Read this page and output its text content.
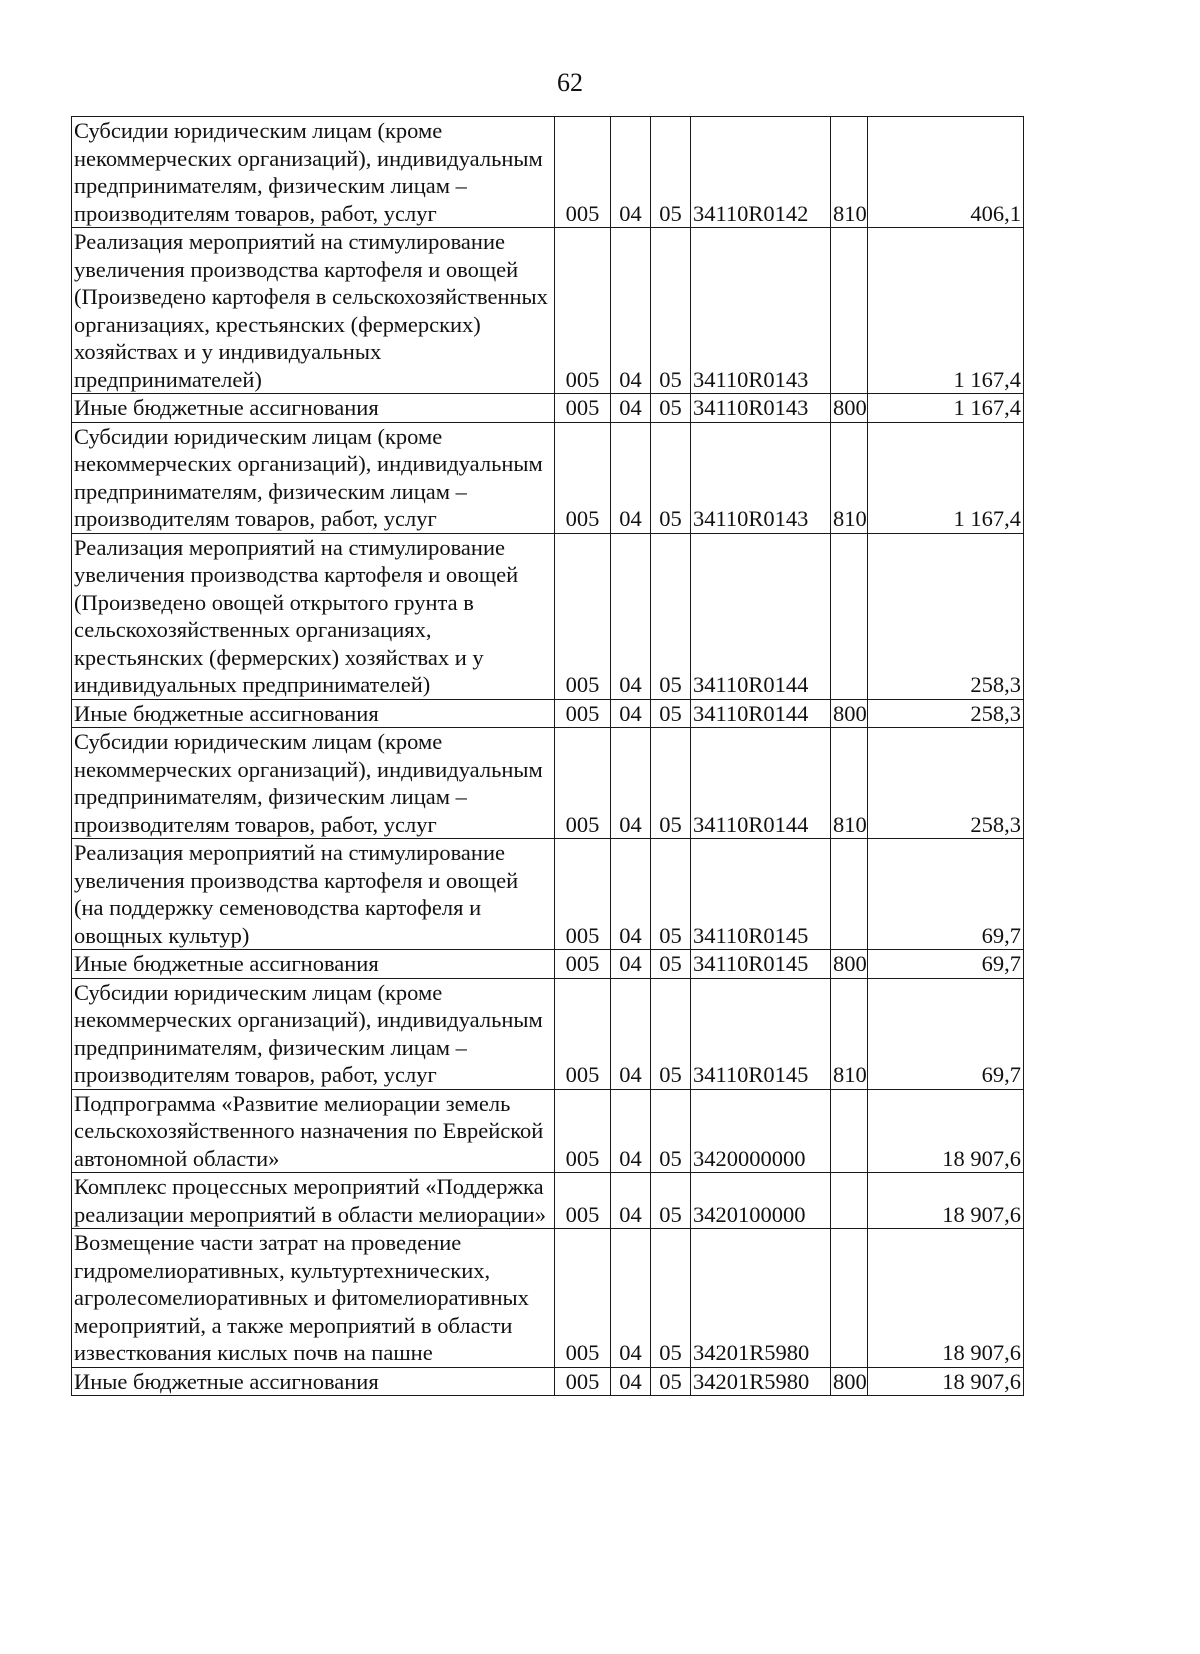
62
Субсидии юридическим лицам (кроме некоммерческих организаций), индивидуальным предпринимателям, физическим лицам – производителям товаров, работ, услуг	005	04	05	34110R0142	810	406,1
Реализация мероприятий на стимулирование увеличения производства картофеля и овощей (Произведено картофеля в сельскохозяйственных организациях, крестьянских (фермерских) хозяйствах и у индивидуальных предпринимателей)	005	04	05	34110R0143		1 167,4
Иные бюджетные ассигнования	005	04	05	34110R0143	800	1 167,4
Субсидии юридическим лицам (кроме некоммерческих организаций), индивидуальным предпринимателям, физическим лицам – производителям товаров, работ, услуг	005	04	05	34110R0143	810	1 167,4
Реализация мероприятий на стимулирование увеличения производства картофеля и овощей (Произведено овощей открытого грунта в сельскохозяйственных организациях, крестьянских (фермерских) хозяйствах и у индивидуальных предпринимателей)	005	04	05	34110R0144		258,3
Иные бюджетные ассигнования	005	04	05	34110R0144	800	258,3
Субсидии юридическим лицам (кроме некоммерческих организаций), индивидуальным предпринимателям, физическим лицам – производителям товаров, работ, услуг	005	04	05	34110R0144	810	258,3
Реализация мероприятий на стимулирование увеличения производства картофеля и овощей (на поддержку семеноводства картофеля и овощных культур)	005	04	05	34110R0145		69,7
Иные бюджетные ассигнования	005	04	05	34110R0145	800	69,7
Субсидии юридическим лицам (кроме некоммерческих организаций), индивидуальным предпринимателям, физическим лицам – производителям товаров, работ, услуг	005	04	05	34110R0145	810	69,7
Подпрограмма «Развитие мелиорации земель сельскохозяйственного назначения по Еврейской автономной области»	005	04	05	3420000000		18 907,6
Комплекс процессных мероприятий «Поддержка реализации мероприятий в области мелиорации»	005	04	05	3420100000		18 907,6
Возмещение части затрат на проведение гидромелиоративных, культуртехнических, агролесомелиоративных и фитомелиоративных мероприятий, а также мероприятий в области известкования кислых почв на пашне	005	04	05	34201R5980		18 907,6
Иные бюджетные ассигнования	005	04	05	34201R5980	800	18 907,6
